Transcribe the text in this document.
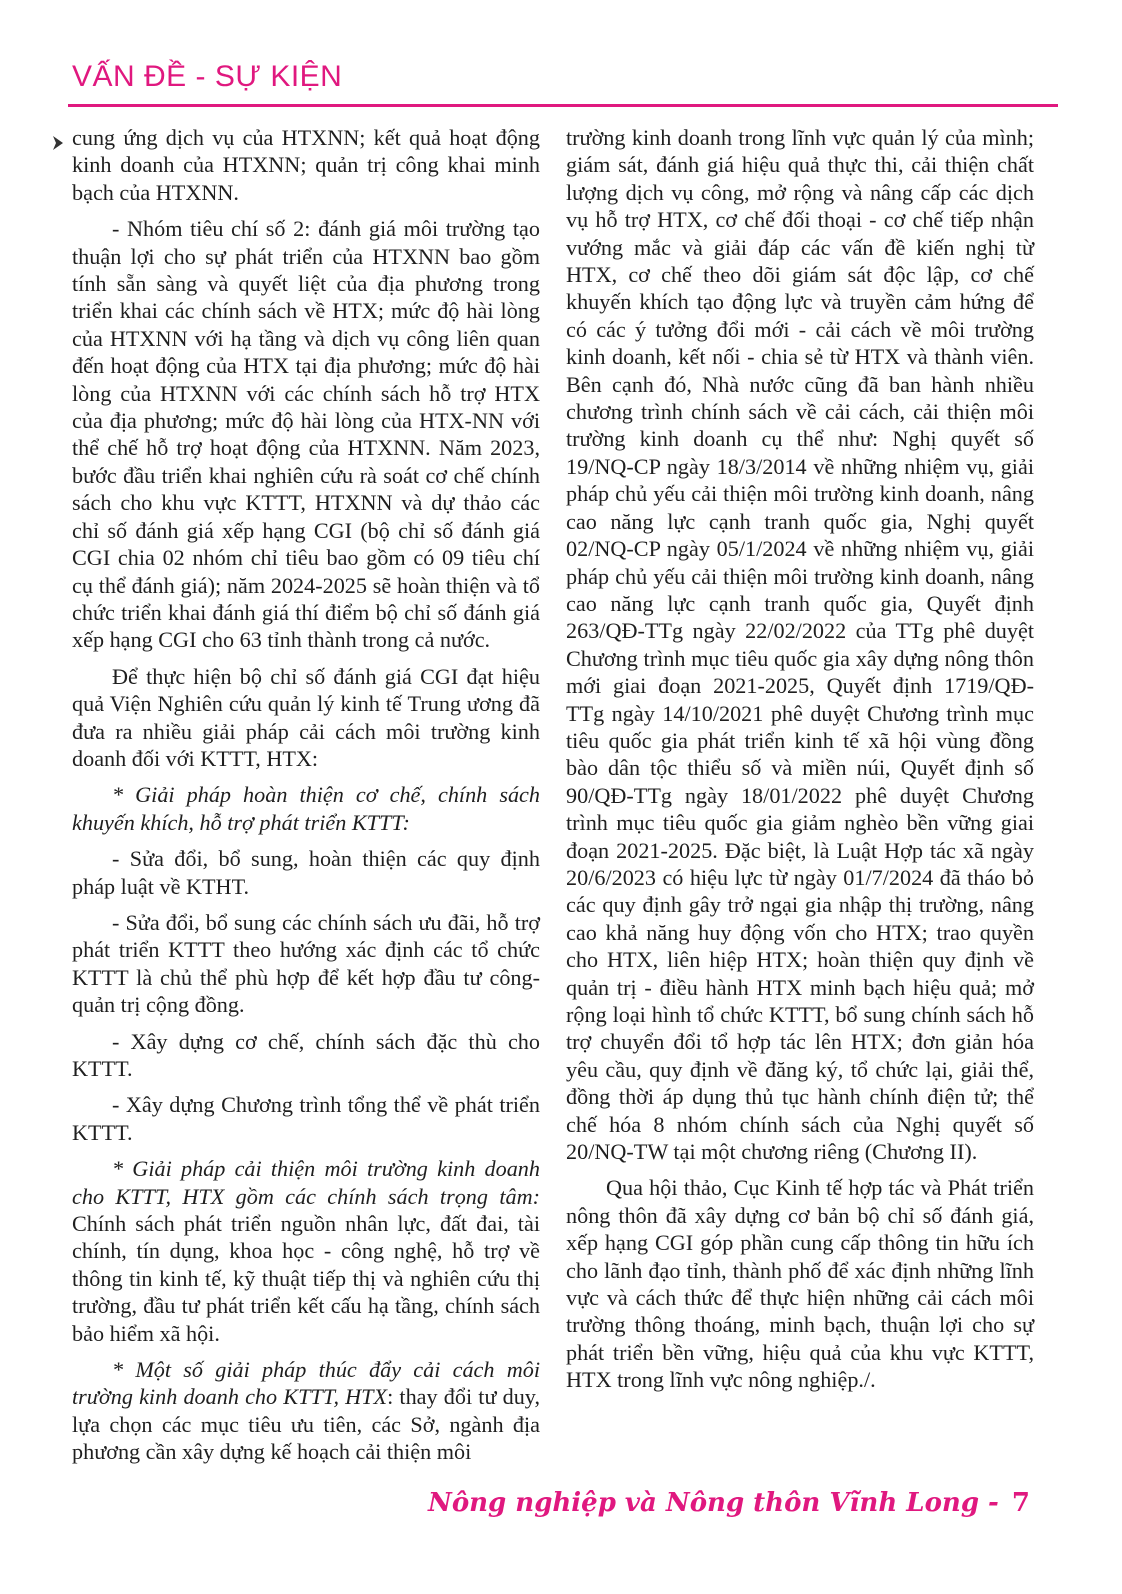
VẤN ĐỀ - SỰ KIỆN

cung ứng dịch vụ của HTXNN; kết quả hoạt động kinh doanh của HTXNN; quản trị công khai minh bạch của HTXNN.

- Nhóm tiêu chí số 2: đánh giá môi trường tạo thuận lợi cho sự phát triển của HTXNN bao gồm tính sẵn sàng và quyết liệt của địa phương trong triển khai các chính sách về HTX; mức độ hài lòng của HTXNN với hạ tầng và dịch vụ công liên quan đến hoạt động của HTX tại địa phương; mức độ hài lòng của HTXNN với các chính sách hỗ trợ HTX của địa phương; mức độ hài lòng của HTX-NN với thể chế hỗ trợ hoạt động của HTXNN. Năm 2023, bước đầu triển khai nghiên cứu rà soát cơ chế chính sách cho khu vực KTTT, HTXNN và dự thảo các chỉ số đánh giá xếp hạng CGI (bộ chỉ số đánh giá CGI chia 02 nhóm chỉ tiêu bao gồm có 09 tiêu chí cụ thể đánh giá); năm 2024-2025 sẽ hoàn thiện và tổ chức triển khai đánh giá thí điểm bộ chỉ số đánh giá xếp hạng CGI cho 63 tỉnh thành trong cả nước.

Để thực hiện bộ chỉ số đánh giá CGI đạt hiệu quả Viện Nghiên cứu quản lý kinh tế Trung ương đã đưa ra nhiều giải pháp cải cách môi trường kinh doanh đối với KTTT, HTX:

* Giải pháp hoàn thiện cơ chế, chính sách khuyến khích, hỗ trợ phát triển KTTT:

- Sửa đổi, bổ sung, hoàn thiện các quy định pháp luật về KTHT.

- Sửa đổi, bổ sung các chính sách ưu đãi, hỗ trợ phát triển KTTT theo hướng xác định các tổ chức KTTT là chủ thể phù hợp để kết hợp đầu tư công- quản trị cộng đồng.

- Xây dựng cơ chế, chính sách đặc thù cho KTTT.

- Xây dựng Chương trình tổng thể về phát triển KTTT.

* Giải pháp cải thiện môi trường kinh doanh cho KTTT, HTX gồm các chính sách trọng tâm: Chính sách phát triển nguồn nhân lực, đất đai, tài chính, tín dụng, khoa học - công nghệ, hỗ trợ về thông tin kinh tế, kỹ thuật tiếp thị và nghiên cứu thị trường, đầu tư phát triển kết cấu hạ tầng, chính sách bảo hiểm xã hội.

* Một số giải pháp thúc đẩy cải cách môi trường kinh doanh cho KTTT, HTX: thay đổi tư duy, lựa chọn các mục tiêu ưu tiên, các Sở, ngành địa phương cần xây dựng kế hoạch cải thiện môi

trường kinh doanh trong lĩnh vực quản lý của mình; giám sát, đánh giá hiệu quả thực thi, cải thiện chất lượng dịch vụ công, mở rộng và nâng cấp các dịch vụ hỗ trợ HTX, cơ chế đối thoại - cơ chế tiếp nhận vướng mắc và giải đáp các vấn đề kiến nghị từ HTX, cơ chế theo dõi giám sát độc lập, cơ chế khuyến khích tạo động lực và truyền cảm hứng để có các ý tưởng đổi mới - cải cách về môi trường kinh doanh, kết nối - chia sẻ từ HTX và thành viên. Bên cạnh đó, Nhà nước cũng đã ban hành nhiều chương trình chính sách về cải cách, cải thiện môi trường kinh doanh cụ thể như: Nghị quyết số 19/NQ-CP ngày 18/3/2014 về những nhiệm vụ, giải pháp chủ yếu cải thiện môi trường kinh doanh, nâng cao năng lực cạnh tranh quốc gia, Nghị quyết 02/NQ-CP ngày 05/1/2024 về những nhiệm vụ, giải pháp chủ yếu cải thiện môi trường kinh doanh, nâng cao năng lực cạnh tranh quốc gia, Quyết định 263/QĐ-TTg ngày 22/02/2022 của TTg phê duyệt Chương trình mục tiêu quốc gia xây dựng nông thôn mới giai đoạn 2021-2025, Quyết định 1719/QĐ-TTg ngày 14/10/2021 phê duyệt Chương trình mục tiêu quốc gia phát triển kinh tế xã hội vùng đồng bào dân tộc thiểu số và miền núi, Quyết định số 90/QĐ-TTg ngày 18/01/2022 phê duyệt Chương trình mục tiêu quốc gia giảm nghèo bền vững giai đoạn 2021-2025. Đặc biệt, là Luật Hợp tác xã ngày 20/6/2023 có hiệu lực từ ngày 01/7/2024 đã tháo bỏ các quy định gây trở ngại gia nhập thị trường, nâng cao khả năng huy động vốn cho HTX; trao quyền cho HTX, liên hiệp HTX; hoàn thiện quy định về quản trị - điều hành HTX minh bạch hiệu quả; mở rộng loại hình tổ chức KTTT, bổ sung chính sách hỗ trợ chuyển đổi tổ hợp tác lên HTX; đơn giản hóa yêu cầu, quy định về đăng ký, tổ chức lại, giải thể, đồng thời áp dụng thủ tục hành chính điện tử; thể chế hóa 8 nhóm chính sách của Nghị quyết số 20/NQ-TW tại một chương riêng (Chương II).

Qua hội thảo, Cục Kinh tế hợp tác và Phát triển nông thôn đã xây dựng cơ bản bộ chỉ số đánh giá, xếp hạng CGI góp phần cung cấp thông tin hữu ích cho lãnh đạo tỉnh, thành phố để xác định những lĩnh vực và cách thức để thực hiện những cải cách môi trường thông thoáng, minh bạch, thuận lợi cho sự phát triển bền vững, hiệu quả của khu vực KTTT, HTX trong lĩnh vực nông nghiệp./.

Nông nghiệp và Nông thôn Vĩnh Long - 7
